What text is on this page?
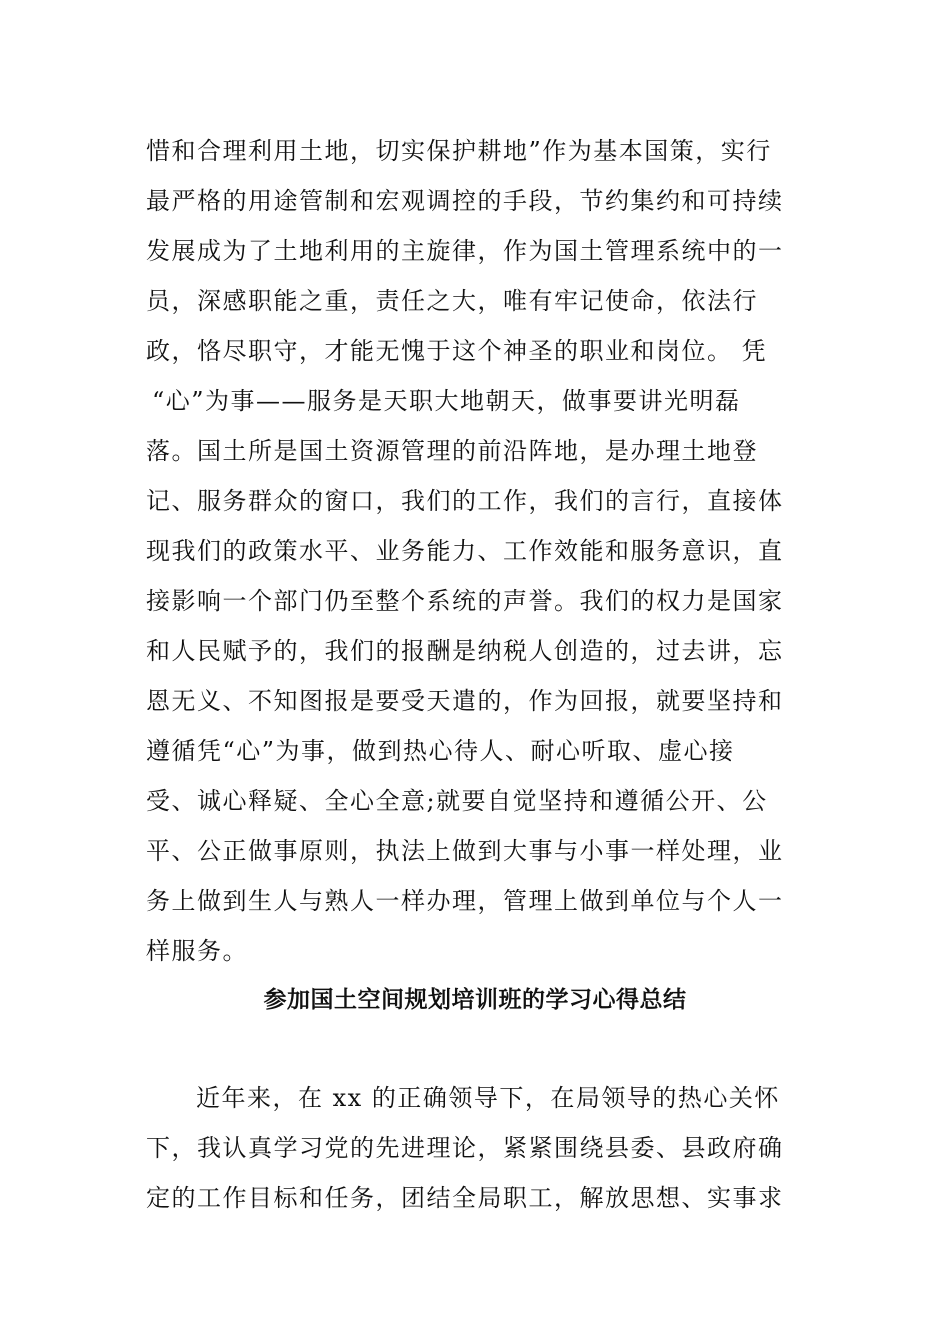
惜和合理利用土地，切实保护耕地”作为基本国策，实行
最严格的用途管制和宏观调控的手段，节约集约和可持续
发展成为了土地利用的主旋律，作为国土管理系统中的一
员，深感职能之重，责任之大，唯有牢记使命，依法行
政，恪尽职守，才能无愧于这个神圣的职业和岗位。 凭
“心”为事——服务是天职大地朝天，做事要讲光明磊
落。国土所是国土资源管理的前沿阵地，是办理土地登
记、服务群众的窗口，我们的工作，我们的言行，直接体
现我们的政策水平、业务能力、工作效能和服务意识，直
接影响一个部门仍至整个系统的声誉。我们的权力是国家
和人民赋予的，我们的报酬是纳税人创造的，过去讲，忘
恩无义、不知图报是要受天遣的，作为回报，就要坚持和
遵循凭“心”为事，做到热心待人、耐心听取、虚心接
受、诚心释疑、全心全意;就要自觉坚持和遵循公开、公
平、公正做事原则，执法上做到大事与小事一样处理，业
务上做到生人与熟人一样办理，管理上做到单位与个人一
样服务。
参加国土空间规划培训班的学习心得总结
近年来，在 xx 的正确领导下，在局领导的热心关怀
下，我认真学习党的先进理论，紧紧围绕县委、县政府确
定的工作目标和任务，团结全局职工，解放思想、实事求
